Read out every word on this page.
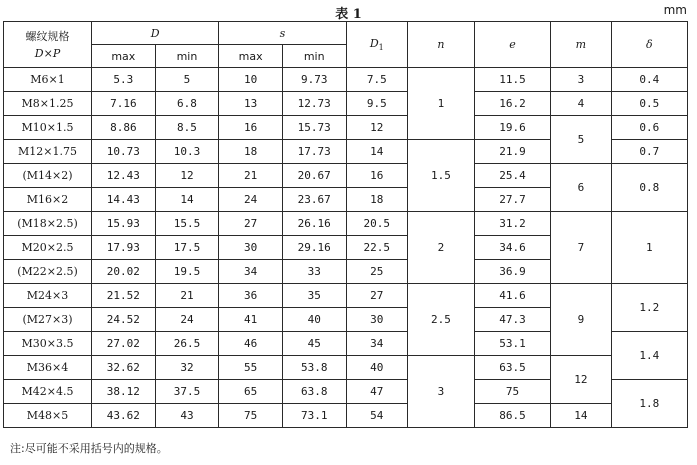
表 1	mm
螺纹规格
D×P	D		s		$D_1$	n	e	m	δ
	max	min	max	min					
M6×1	5.3	5	10	9.73	7.5	1	11.5	3	0.4
M8×1.25	7.16	6.8	13	12.73	9.5		16.2	4	0.5
M10×1.5	8.86	8.5	16	15.73	12		19.6	5	0.6
M12×1.75	10.73	10.3	18	17.73	14	1.5	21.9		0.7
(M14×2)	12.43	12	21	20.67	16		25.4	6	0.8
M16×2	14.43	14	24	23.67	18		27.7		
(M18×2.5)	15.93	15.5	27	26.16	20.5	2	31.2	7	1
M20×2.5	17.93	17.5	30	29.16	22.5		34.6		
(M22×2.5)	20.02	19.5	34	33	25		36.9		
M24×3	21.52	21	36	35	27	2.5	41.6	9	1.2
(M27×3)	24.52	24	41	40	30		47.3		
M30×3.5	27.02	26.5	46	45	34		53.1		1.4
M36×4	32.62	32	55	53.8	40	3	63.5	12	
M42×4.5	38.12	37.5	65	63.8	47		75		1.8
M48×5	43.62	43	75	73.1	54		86.5	14	
注:尽可能不采用括号内的规格。
